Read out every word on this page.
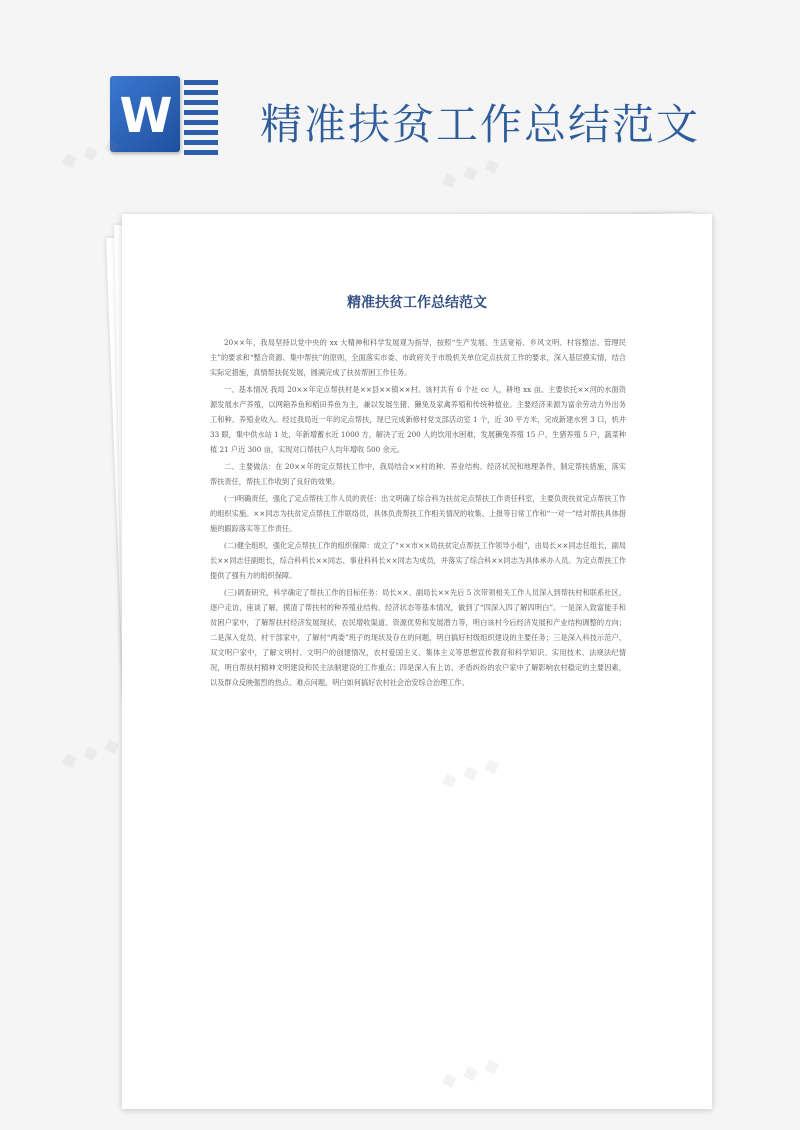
W 精准扶贫工作总结范文
精准扶贫工作总结范文

20××年，我局坚持以党中央的 xx 大精神和科学发展观为指导，按照“生产发展、生活宽裕、乡风文明、村容整洁、管理民主”的要求和“整合资源、集中帮扶”的原则，全面落实市委、市政府关于市级机关单位定点扶贫工作的要求，深入基层摸实情，结合实际定措施，真情帮扶促发展，圆满完成了扶贫帮困工作任务。

一、基本情况 我局 20××年定点帮扶村是××县××镇××村。该村共有 6 个社 cc 人，耕地 xx 亩。主要依托××河的水面资源发展水产养殖，以网箱养鱼和稻田养鱼为主，兼以发展生猪、獭兔及家禽养殖和传统种植业。主要经济来源为富余劳动力外出务工和种、养殖业收入。经过我局近一年的定点帮扶，现已完成新修村党支部活动室 1 个，近 30 平方米，完成新建水窖 3 口，机井 33 眼，集中供水站 1 处，年新增蓄水近 1000 方，解决了近 200 人的饮用水困难，发展獭兔养殖 15 户，生猪养殖 5 户，蔬菜种植 21 户近 300 亩，实现对口帮扶户人均年增收 500 余元。

二、主要做法：在 20××年的定点帮扶工作中，我局结合××村的种、养业结构、经济状况和地理条件，制定帮扶措施，落实帮扶责任，帮扶工作收到了良好的效果。

(一)明确责任，强化了定点帮扶工作人员的责任：出文明确了综合科为扶贫定点帮扶工作责任科室，主要负责扶贫定点帮扶工作的组织实施。××同志为扶贫定点帮扶工作联络员，具体负责帮扶工作相关情况的收集、上报等日常工作和“一对一”结对帮扶具体措施的跟踪落实等工作责任。

(二)健全组织，强化定点帮扶工作的组织保障：成立了“××市××局扶贫定点帮扶工作领导小组”，由局长××同志任组长，副局长××同志任副组长，综合科科长××同志、事业科科长××同志为成员，并落实了综合科××同志为具体承办人员。为定点帮扶工作提供了强有力的组织保障。

(三)调查研究，科学确定了帮扶工作的目标任务：局长××、副局长××先后 5 次带领相关工作人员深入到帮扶村和联系社区，逐户走访，座谈了解，摸清了帮扶村的种养殖业结构、经济状态等基本情况，做到了“四深入四了解四明白”。一是深入致富能手和贫困户家中，了解帮扶村经济发展现状、农民增收渠道、资源优势和发展潜力等，明白该村今后经济发展和产业结构调整的方向；二是深入党员、村干部家中，了解村“两委”班子的现状及存在的问题，明白搞好村级组织建设的主要任务；三是深入科技示范户、双文明户家中，了解文明村、文明户的创建情况，农村爱国主义、集体主义等思想宣传教育和科学知识、实用技术、法规法纪情况，明白帮扶村精神文明建设和民主法制建设的工作重点；四是深入有上访、矛盾纠纷的农户家中了解影响农村稳定的主要因素，以及群众反映强烈的热点、难点问题，明白如何搞好农村社会治安综合治理工作。

◆ ◆ ◆	◆ ◆ ◆
◆ ◆ ◆	◆ ◆ ◆
◆ ◆ ◆
